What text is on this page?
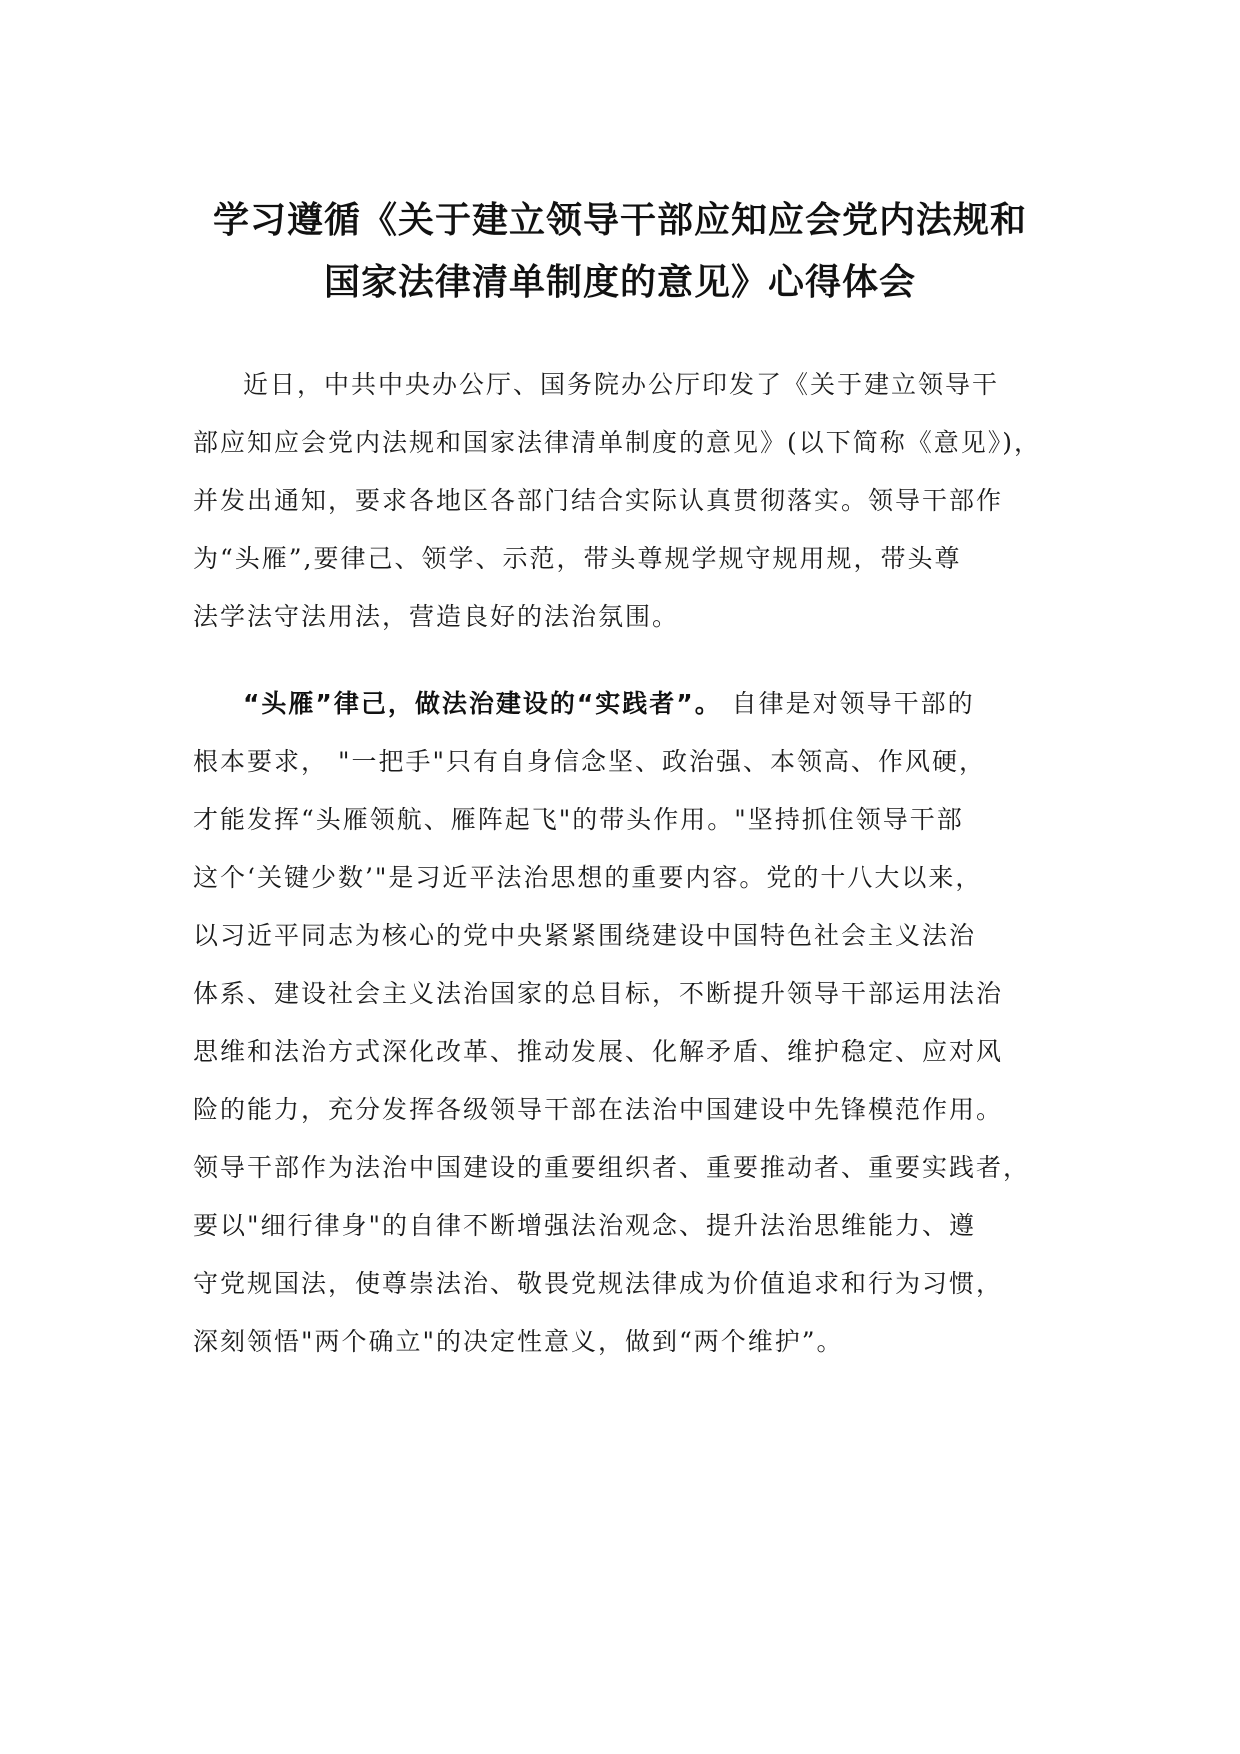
学习遵循《关于建立领导干部应知应会党内法规和
国家法律清单制度的意见》心得体会
近日，中共中央办公厅、国务院办公厅印发了《关于建立领导干
部应知应会党内法规和国家法律清单制度的意见》(以下简称《意见》)，
并发出通知，要求各地区各部门结合实际认真贯彻落实。领导干部作
为“头雁”,要律己、领学、示范，带头尊规学规守规用规，带头尊
法学法守法用法，营造良好的法治氛围。
“头雁”律己，做法治建设的“实践者”。 自律是对领导干部的
根本要求， "一把手"只有自身信念坚、政治强、本领高、作风硬，
才能发挥“头雁领航、雁阵起飞"的带头作用。"坚持抓住领导干部
这个‘关键少数’"是习近平法治思想的重要内容。党的十八大以来，
以习近平同志为核心的党中央紧紧围绕建设中国特色社会主义法治
体系、建设社会主义法治国家的总目标，不断提升领导干部运用法治
思维和法治方式深化改革、推动发展、化解矛盾、维护稳定、应对风
险的能力，充分发挥各级领导干部在法治中国建设中先锋模范作用。
领导干部作为法治中国建设的重要组织者、重要推动者、重要实践者，
要以"细行律身"的自律不断增强法治观念、提升法治思维能力、遵
守党规国法，使尊崇法治、敬畏党规法律成为价值追求和行为习惯，
深刻领悟"两个确立"的决定性意义，做到“两个维护”。
